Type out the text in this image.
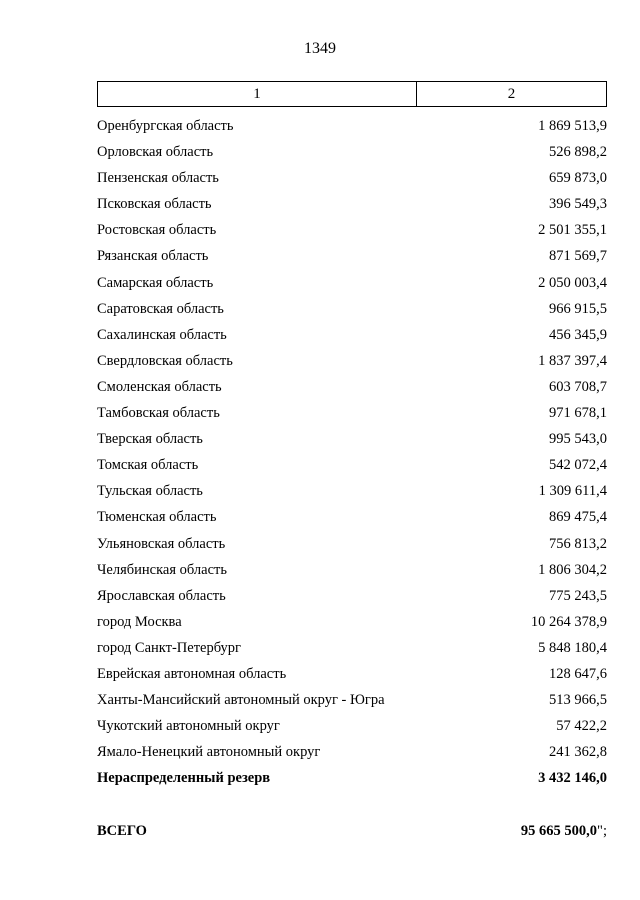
1349
1	2
Оренбургская область	1 869 513,9
Орловская область	526 898,2
Пензенская область	659 873,0
Псковская область	396 549,3
Ростовская область	2 501 355,1
Рязанская область	871 569,7
Самарская область	2 050 003,4
Саратовская область	966 915,5
Сахалинская область	456 345,9
Свердловская область	1 837 397,4
Смоленская область	603 708,7
Тамбовская область	971 678,1
Тверская область	995 543,0
Томская область	542 072,4
Тульская область	1 309 611,4
Тюменская область	869 475,4
Ульяновская область	756 813,2
Челябинская область	1 806 304,2
Ярославская область	775 243,5
город Москва	10 264 378,9
город Санкт-Петербург	5 848 180,4
Еврейская автономная область	128 647,6
Ханты-Мансийский автономный округ - Югра	513 966,5
Чукотский автономный округ	57 422,2
Ямало-Ненецкий автономный округ	241 362,8
Нераспределенный резерв	3 432 146,0
ВСЕГО	95 665 500,0";
